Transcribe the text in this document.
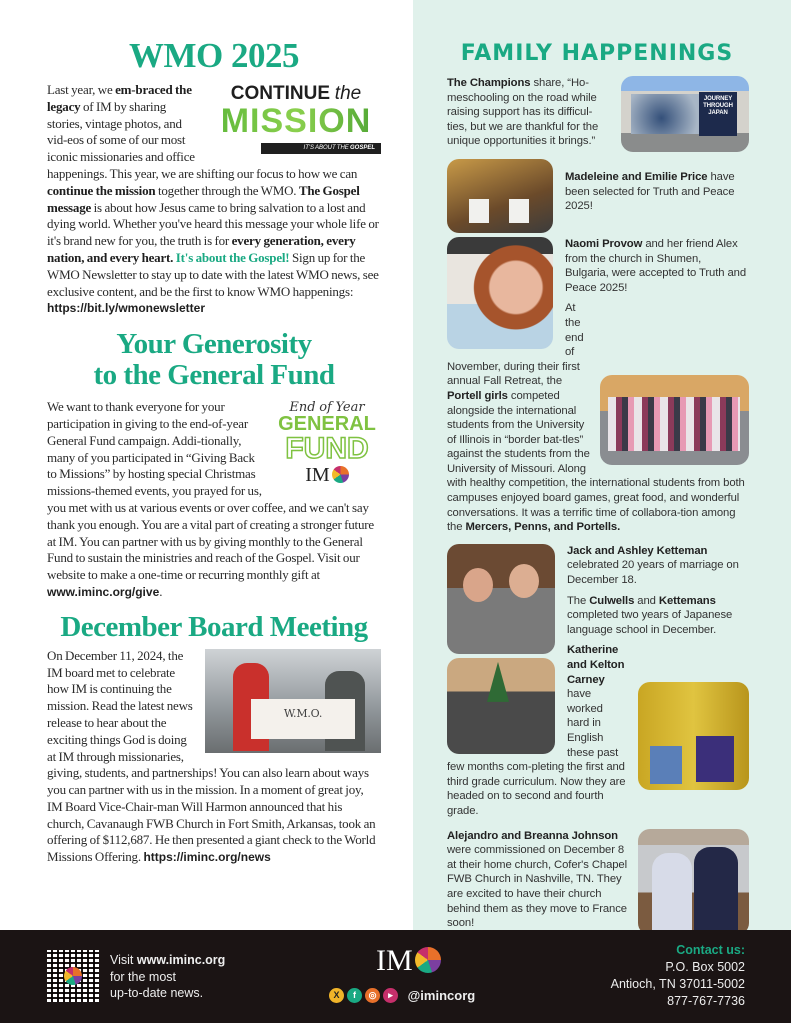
WMO 2025
CONTINUE the
MISSION
IT'S ABOUT THE GOSPEL
Last year, we em-braced the legacy of IM by sharing stories, vintage photos, and vid-eos of some of our most iconic missionaries and office happenings. This year, we are shifting our focus to how we can continue the mission together through the WMO. The Gospel message is about how Jesus came to bring salvation to a lost and dying world. Whether you've heard this message your whole life or it's brand new for you, the truth is for every generation, every nation, and every heart. It's about the Gospel! Sign up for the WMO Newsletter to stay up to date with the latest WMO news, see exclusive content, and be the first to know WMO happenings: https://bit.ly/wmonewsletter
Your Generosity
to the General Fund
End of Year
GENERAL
FUND
IM
We want to thank everyone for your participation in giving to the end-of-year General Fund campaign. Addi-tionally, many of you participated in “Giving Back to Missions” by hosting special Christmas missions-themed events, you prayed for us, you met with us at various events or over coffee, and we can't say thank you enough. You are a vital part of creating a stronger future at IM. You can partner with us by giving monthly to the General Fund to sustain the ministries and reach of the Gospel. Visit our website to make a one-time or recurring monthly gift at www.iminc.org/give.
December Board Meeting
W.M.O.
On December 11, 2024, the IM board met to celebrate how IM is continuing the mission. Read the latest news release to hear about the exciting things God is doing at IM through missionaries, giving, students, and partnerships! You can also learn about ways you can partner with us in the mission. In a moment of great joy, IM Board Vice-Chair-man Will Harmon announced that his church, Cavanaugh FWB Church in Fort Smith, Arkansas, took an offering of $112,687. He then presented a giant check to the World Missions Offering. https://iminc.org/news
FAMILY HAPPENINGS
JOURNEY THROUGH JAPAN

The Champions share, “Ho-meschooling on the road while raising support has its difficul-ties, but we are thankful for the unique opportunities it brings.”

Madeleine and Emilie Price have been selected for Truth and Peace 2025!

Naomi Provow and her friend Alex from the church in Shumen, Bulgaria, were accepted to Truth and Peace 2025!

At the end of November, during their first annual Fall Retreat, the Portell girls competed alongside the international students from the University of Illinois in “border bat-tles” against the students from the University of Missouri. Along with healthy competition, the international students from both campuses enjoyed board games, great food, and wonderful conversations. It was a terrific time of collabora-tion among the Mercers, Penns, and Portells.

Jack and Ashley Ketteman celebrated 20 years of marriage on December 18.

The Culwells and Kettemans completed two years of Japanese language school in December.

Katherine and Kelton Carney have worked hard in English these past few months com-pleting the first and third grade curriculum. Now they are headed on to second and fourth grade.

Alejandro and Breanna Johnson were commissioned on December 8 at their home church, Cofer's Chapel FWB Church in Nashville, TN. They are excited to have their church behind them as they move to France soon!

Visit www.iminc.org
for the most
up-to-date news.
IM
X f ◎ ▸ @imincorg
Contact us:
P.O. Box 5002
Antioch, TN 37011-5002
877-767-7736
